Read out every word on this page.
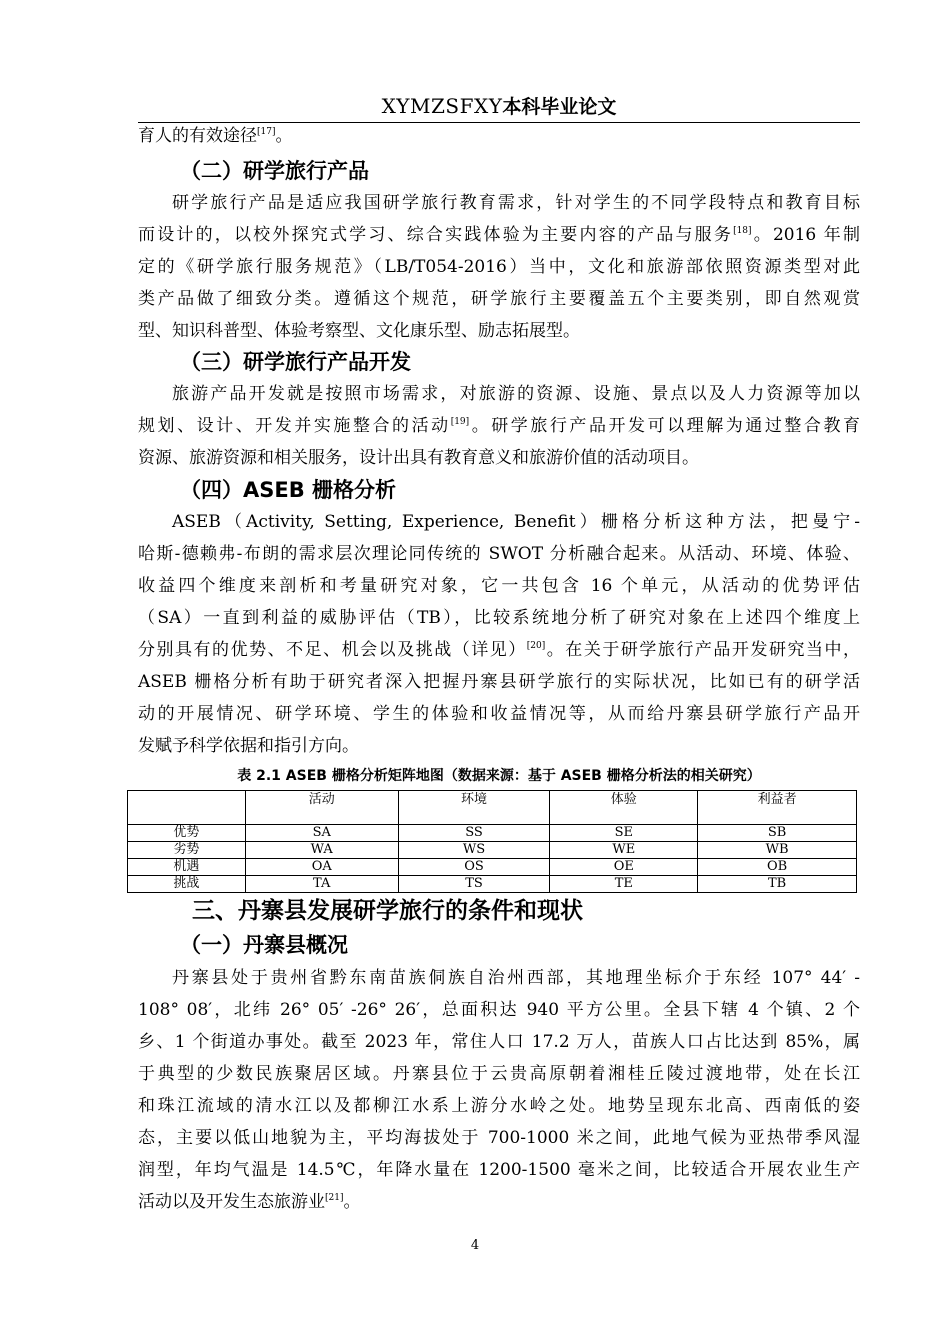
XYMZSFXY本科毕业论文
育人的有效途径[17]。
（二）研学旅行产品
研学旅行产品是适应我国研学旅行教育需求，针对学生的不同学段特点和教育目标
而设计的，以校外探究式学习、综合实践体验为主要内容的产品与服务[18]。2016 年制
定的《研学旅行服务规范》（LB/T054-2016）当中，文化和旅游部依照资源类型对此
类产品做了细致分类。遵循这个规范，研学旅行主要覆盖五个主要类别，即自然观赏
型、知识科普型、体验考察型、文化康乐型、励志拓展型。
（三）研学旅行产品开发
旅游产品开发就是按照市场需求，对旅游的资源、设施、景点以及人力资源等加以
规划、设计、开发并实施整合的活动[19]。研学旅行产品开发可以理解为通过整合教育
资源、旅游资源和相关服务，设计出具有教育意义和旅游价值的活动项目。
（四）ASEB 栅格分析
ASEB（Activity, Setting, Experience, Benefit）栅格分析这种方法，把曼宁-
哈斯-德赖弗-布朗的需求层次理论同传统的 SWOT 分析融合起来。从活动、环境、体验、
收益四个维度来剖析和考量研究对象，它一共包含 16 个单元，从活动的优势评估
（SA）一直到利益的威胁评估（TB），比较系统地分析了研究对象在上述四个维度上
分别具有的优势、不足、机会以及挑战（详见）[20]。在关于研学旅行产品开发研究当中，
ASEB 栅格分析有助于研究者深入把握丹寨县研学旅行的实际状况，比如已有的研学活
动的开展情况、研学环境、学生的体验和收益情况等，从而给丹寨县研学旅行产品开
发赋予科学依据和指引方向。
表 2.1 ASEB 栅格分析矩阵地图（数据来源：基于 ASEB 栅格分析法的相关研究）
	活动	环境	体验	利益者
优势	SA	SS	SE	SB
劣势	WA	WS	WE	WB
机遇	OA	OS	OE	OB
挑战	TA	TS	TE	TB
三、丹寨县发展研学旅行的条件和现状
（一）丹寨县概况
丹寨县处于贵州省黔东南苗族侗族自治州西部，其地理坐标介于东经 107° 44′ -
108° 08′，北纬 26° 05′ -26° 26′，总面积达 940 平方公里。全县下辖 4 个镇、2 个
乡、1 个街道办事处。截至 2023 年，常住人口 17.2 万人，苗族人口占比达到 85%，属
于典型的少数民族聚居区域。丹寨县位于云贵高原朝着湘桂丘陵过渡地带，处在长江
和珠江流域的清水江以及都柳江水系上游分水岭之处。地势呈现东北高、西南低的姿
态，主要以低山地貌为主，平均海拔处于 700-1000 米之间，此地气候为亚热带季风湿
润型，年均气温是 14.5℃，年降水量在 1200-1500 毫米之间，比较适合开展农业生产
活动以及开发生态旅游业[21]。
4
